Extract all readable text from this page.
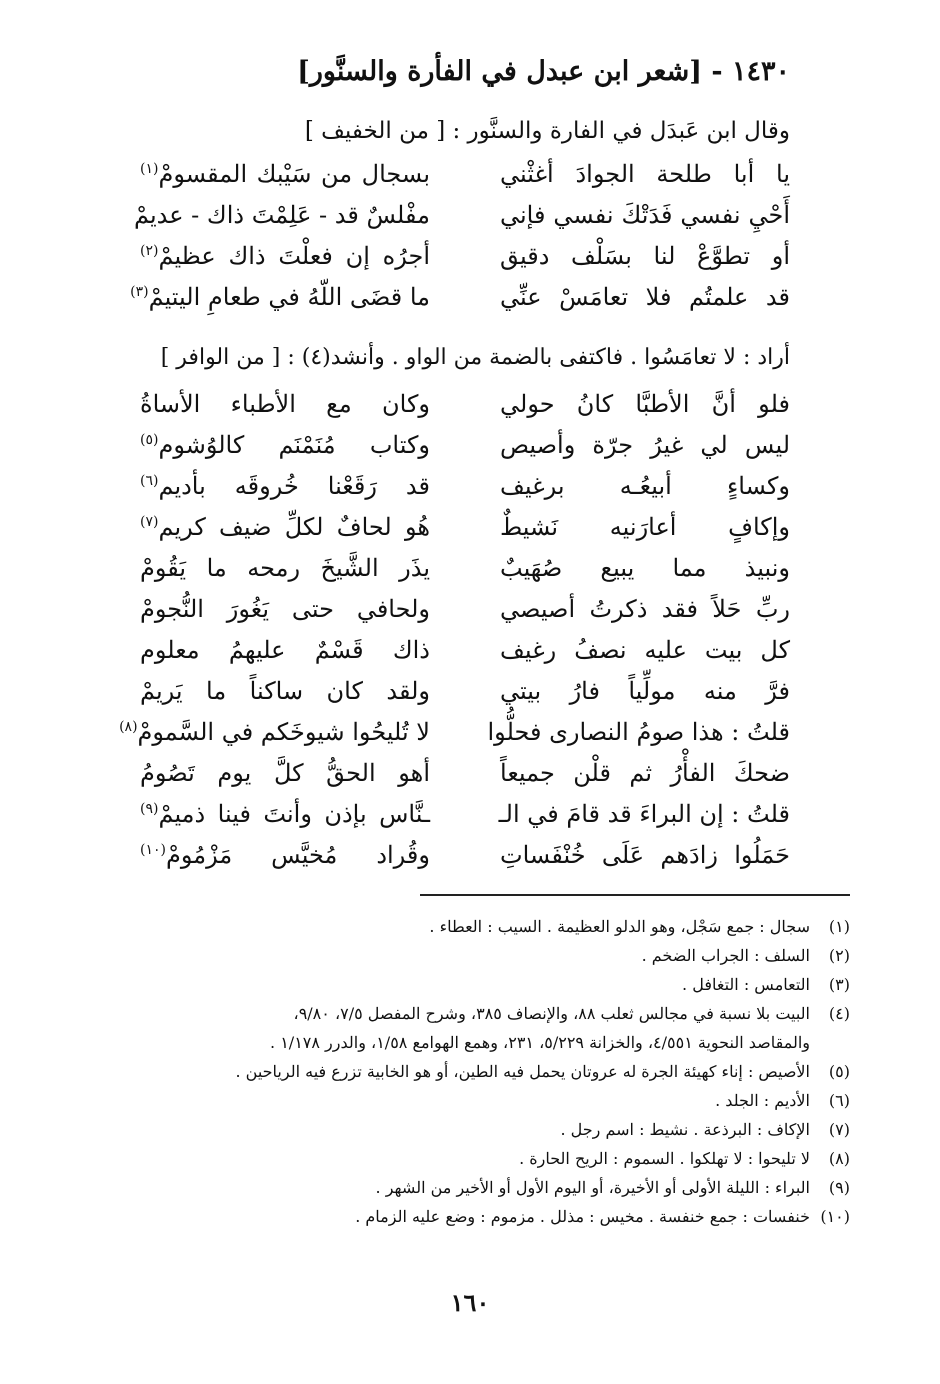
١٤٣٠ - [شعر ابن عبدل في الفأرة والسنَّور]
وقال ابن عَبدَل في الفارة والسنَّور : [ من الخفيف ]
يا أبا طلحة الجوادَ أغثْني
بسجال من سَيْبك المقسومْ$^{(١)}$
أَحْيِ نفسي فَدَتْكَ نفسي فإني
مفْلسٌ قد - عَلِمْتَ ذاك - عديمْ
أو تطوَّعْ لنا بسَلْف دقيق
أجرُه إن فعلْتَ ذاك عظيمْ$^{(٢)}$
قد علمتُم فلا تعامَسْ عنِّي
ما قضَى اللّهُ في طعامِ اليتيمْ$^{(٣)}$
أراد : لا تعامَسُوا . فاكتفى بالضمة من الواو . وأنشد(٤) : [ من الوافر ]
فلو أنَّ الأطبَّا كانُ حولي
وكان مع الأطباء الأساةُ
ليس لي غيرُ جرّة وأصيص
وكتاب مُنَمْنَم كالوُشوم$^{(٥)}$
وكساءٍ أبيعُـه برغيف
قد رَقَعْنا خُروقَه بأديم$^{(٦)}$
وإكافٍ أعارَنيه نَشيطٌ
هُو لحافٌ لكلِّ ضيف كريم$^{(٧)}$
ونبيذ مما يبيع صُهَيبٌ
يذَر الشَّيخَ رمحه ما يَقُومْ
ربِّ حَلاً فقد ذكرتُ أصيصي
ولحافي حتى يَغُورَ النُّجومْ
كل بيت عليه نصفُ رغيف
ذاك قَسْمٌ عليهمُ معلوم
فرَّ منه مولِّياً فارُ بيتي
ولقد كان ساكناً ما يَريمْ
قلتُ : هذا صومُ النصارى فحلُّوا
لا تُليحُوا شيوخَكم في السَّمومْ$^{(٨)}$
ضحكَ الفأْرُ ثم قلْن جميعاً
أهو الحقُّ كلَّ يوم تَصُومُ
قلتُ : إن البراءَ قد قامَ في الـ
ـنَّاس بإذن وأنتَ فينا ذميمْ$^{(٩)}$
حَمَلُوا زادَهم عَلَى خُنْفَساتِ
وقُراد مُخيَّس مَزْمُومْ$^{(١٠)}$
(١)سجال : جمع سَجْل، وهو الدلو العظيمة . السيب : العطاء .
(٢)السلف : الجراب الضخم .
(٣)التعامس : التغافل .
(٤)البيت بلا نسبة في مجالس ثعلب ٨٨، والإنصاف ٣٨٥، وشرح المفصل ٧/٥، ٩/٨٠،
والمقاصد النحوية ٤/٥٥١، والخزانة ٥/٢٢٩، ٢٣١، وهمع الهوامع ١/٥٨، والدرر ١/١٧٨ .
(٥)الأصيص : إناء كهيئة الجرة له عروتان يحمل فيه الطين، أو هو الخابية تزرع فيه الرياحين .
(٦)الأديم : الجلد .
(٧)الإكاف : البرذعة . نشيط : اسم رجل .
(٨)لا تليحوا : لا تهلكوا . السموم : الريح الحارة .
(٩)البراء : الليلة الأولى أو الأخيرة، أو اليوم الأول أو الأخير من الشهر .
(١٠)خنفسات : جمع خنفسة . مخيس : مذلل . مزموم : وضع عليه الزمام .
١٦٠
